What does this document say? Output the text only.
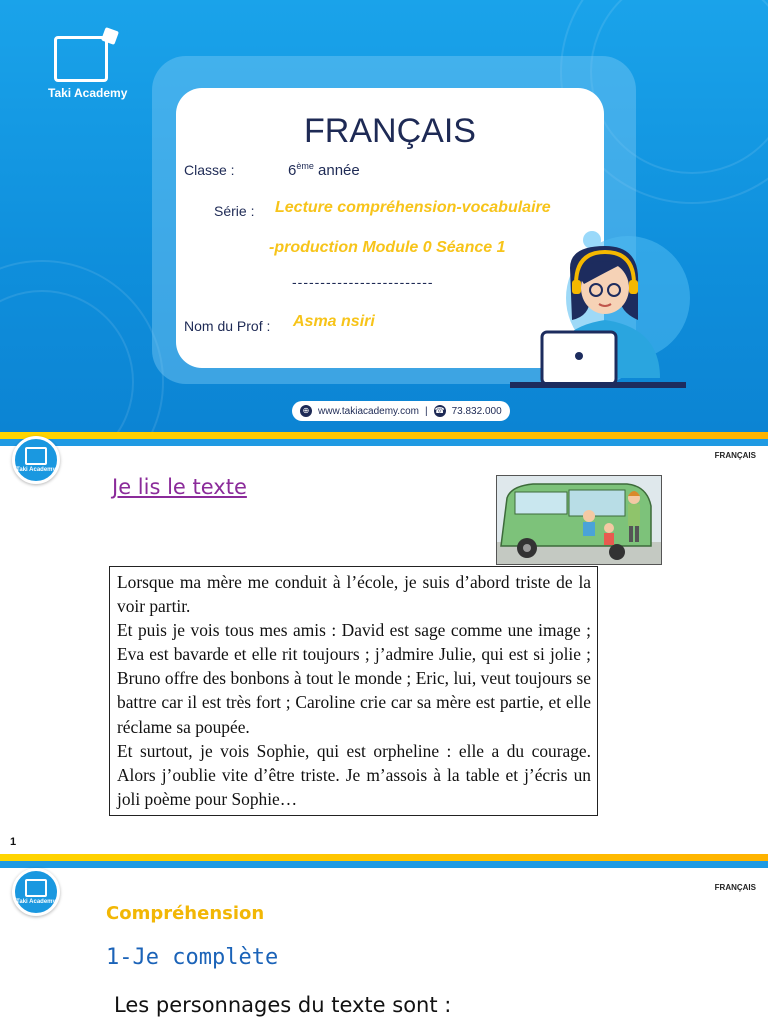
Taki Academy
FRANÇAIS
Classe :	6ème année
Série : Lecture compréhension-vocabulaire
-production Module 0 Séance 1
-------------------------
Nom du Prof : Asma nsiri
⊕ www.takiacademy.com | ☎ 73.832.000
Taki Academy
FRANÇAIS
Je lis le texte

Lorsque ma mère me conduit à l’école, je suis d’abord triste de la voir partir.

Et puis je vois tous mes amis : David est sage comme une image ; Eva est bavarde et elle rit toujours ; j’admire Julie, qui est si jolie ; Bruno offre des bonbons à tout le monde ; Eric, lui, veut toujours se battre car il est très fort ; Caroline crie car sa mère est partie, et elle réclame sa poupée.

Et surtout, je vois Sophie, qui est orpheline : elle a du courage. Alors j’oublie vite d’être triste. Je m’assois à la table et j’écris un joli poème pour Sophie…

1
Taki Academy
FRANÇAIS
Compréhension
1-Je complète
Les personnages du texte sont :
